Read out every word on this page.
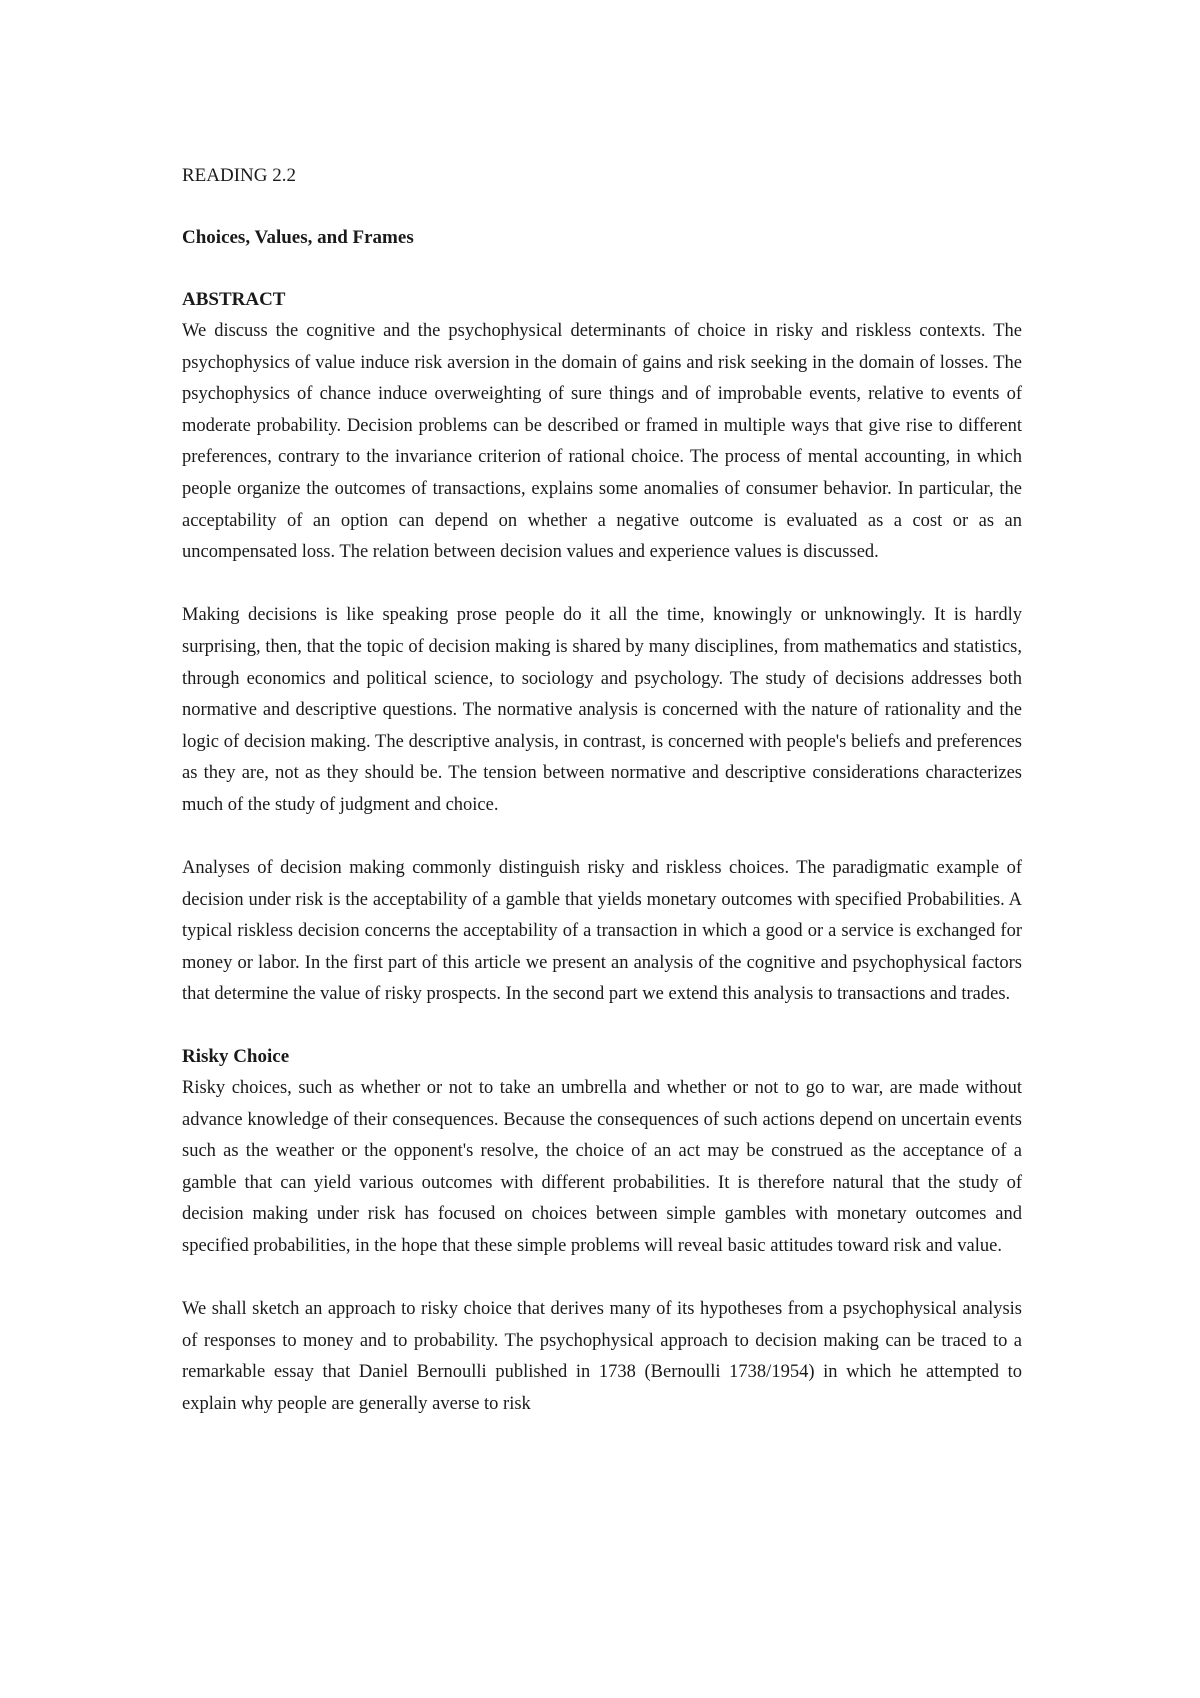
READING 2.2

Choices, Values, and Frames

ABSTRACT

We discuss the cognitive and the psychophysical determinants of choice in risky and riskless contexts. The psychophysics of value induce risk aversion in the domain of gains and risk seeking in the domain of losses. The psychophysics of chance induce overweighting of sure things and of improbable events, relative to events of moderate probability. Decision problems can be described or framed in multiple ways that give rise to different preferences, contrary to the invariance criterion of rational choice. The process of mental accounting, in which people organize the outcomes of transactions, explains some anomalies of consumer behavior. In particular, the acceptability of an option can depend on whether a negative outcome is evaluated as a cost or as an uncompensated loss. The relation between decision values and experience values is discussed.

Making decisions is like speaking prose people do it all the time, knowingly or unknowingly. It is hardly surprising, then, that the topic of decision making is shared by many disciplines, from mathematics and statistics, through economics and political science, to sociology and psychology. The study of decisions addresses both normative and descriptive questions. The normative analysis is concerned with the nature of rationality and the logic of decision making. The descriptive analysis, in contrast, is concerned with people's beliefs and preferences as they are, not as they should be. The tension between normative and descriptive considerations characterizes much of the study of judgment and choice.

Analyses of decision making commonly distinguish risky and riskless choices. The paradigmatic example of decision under risk is the acceptability of a gamble that yields monetary outcomes with specified Probabilities. A typical riskless decision concerns the acceptability of a transaction in which a good or a service is exchanged for money or labor. In the first part of this article we present an analysis of the cognitive and psychophysical factors that determine the value of risky prospects. In the second part we extend this analysis to transactions and trades.

Risky Choice

Risky choices, such as whether or not to take an umbrella and whether or not to go to war, are made without advance knowledge of their consequences. Because the consequences of such actions depend on uncertain events such as the weather or the opponent's resolve, the choice of an act may be construed as the acceptance of a gamble that can yield various outcomes with different probabilities. It is therefore natural that the study of decision making under risk has focused on choices between simple gambles with monetary outcomes and specified probabilities, in the hope that these simple problems will reveal basic attitudes toward risk and value.

We shall sketch an approach to risky choice that derives many of its hypotheses from a psychophysical analysis of responses to money and to probability. The psychophysical approach to decision making can be traced to a remarkable essay that Daniel Bernoulli published in 1738 (Bernoulli 1738/1954) in which he attempted to explain why people are generally averse to risk
